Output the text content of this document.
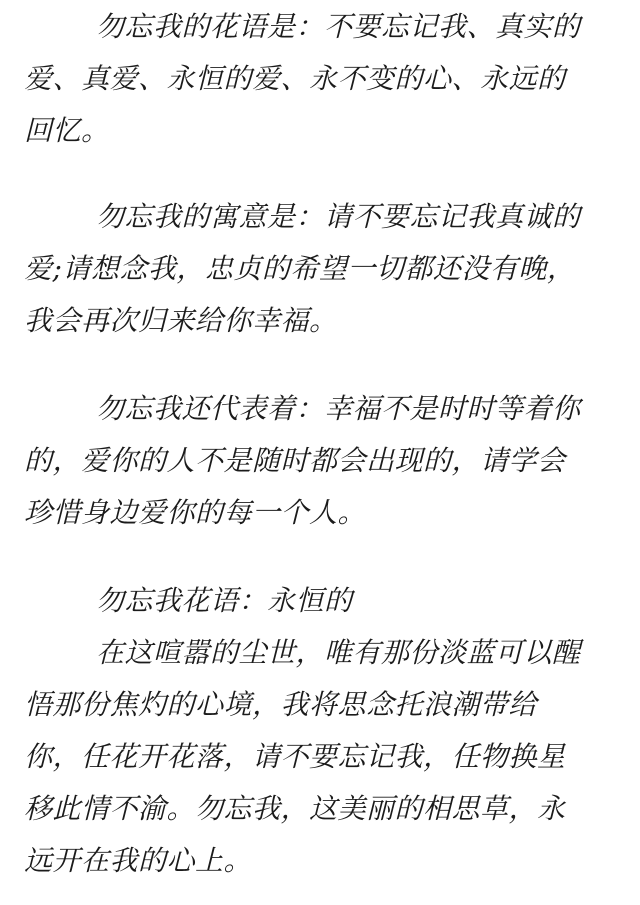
勿忘我的花语是：不要忘记我、真实的
爱、真爱、永恒的爱、永不变的心、永远的
回忆。
勿忘我的寓意是：请不要忘记我真诚的
爱;请想念我，忠贞的希望一切都还没有晚，
我会再次归来给你幸福。
勿忘我还代表着：幸福不是时时等着你
的，爱你的人不是随时都会出现的，请学会
珍惜身边爱你的每一个人。
勿忘我花语：永恒的
在这喧嚣的尘世，唯有那份淡蓝可以醒
悟那份焦灼的心境，我将思念托浪潮带给
你，任花开花落，请不要忘记我，任物换星
移此情不渝。勿忘我，这美丽的相思草，永
远开在我的心上。
